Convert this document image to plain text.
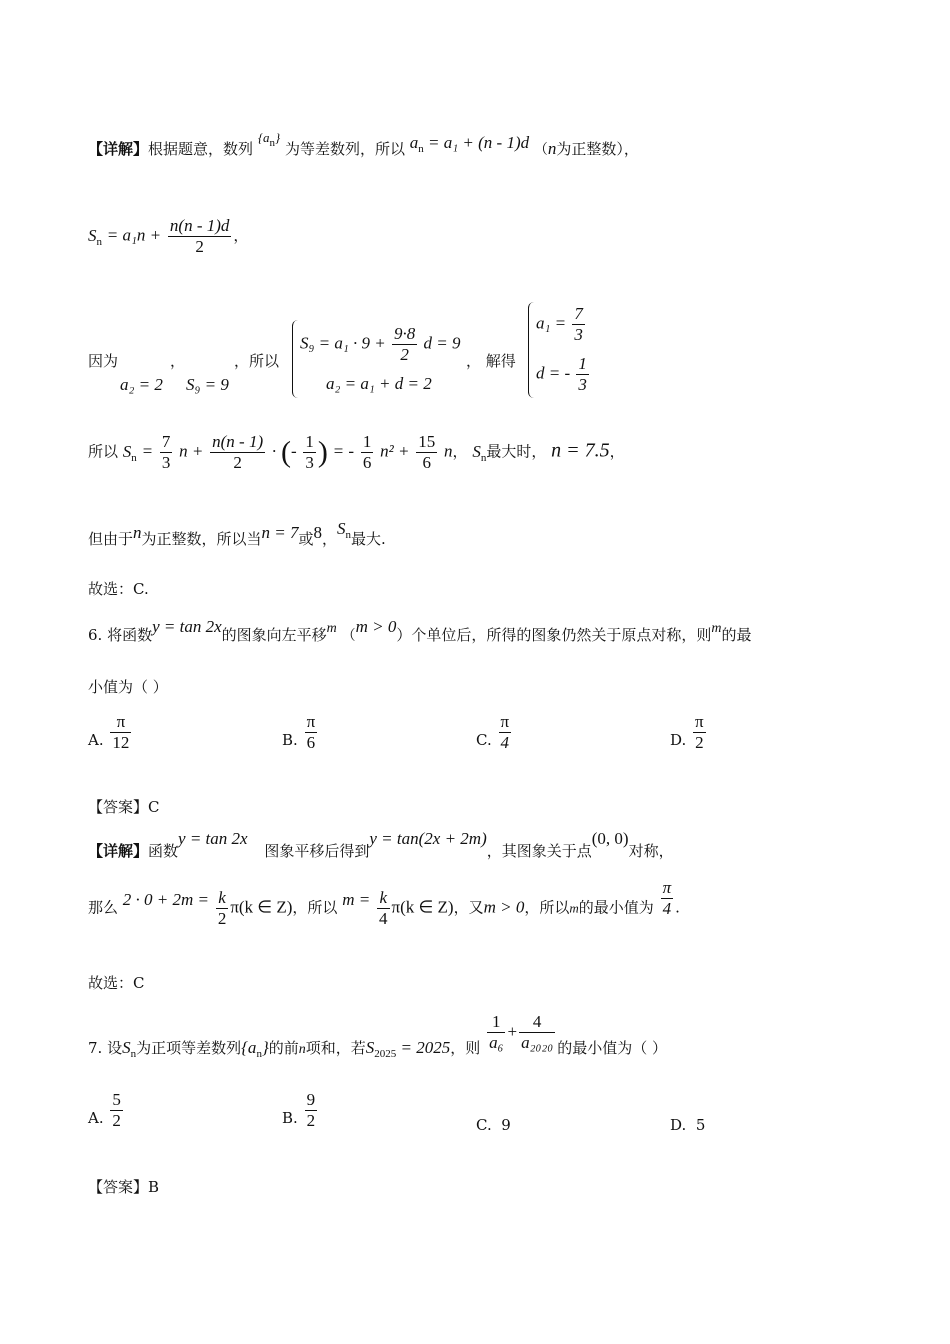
【详解】根据题意，数列 $\{a_n\}$ 为等差数列，所以 $a_n = a_1 + (n - 1)d$ （n为正整数），
$S_n = a_1n + \frac{n(n - 1)d}{2}$ ，
因为	，	，所以
a₂ = 2 S₉ = 9
$S_9 = a_1 \cdot 9 + \frac{9\cdot 8}{2}$ d = 9
a₂ = a₁ + d = 2
， 解得
$a_1 = \frac{7}{3}$
d = - $\frac{1}{3}$
所以 $S_n = \frac{7}{3}$ $n + \frac{n(n - 1)}{2}$ · (- $\frac{1}{3}$ ) = - $\frac{1}{6} n^2 + \frac{15}{6}$ n， $S_n$最大时， n = 7.5，
但由于n为正整数，所以当n = 7或8，$S_n$最大.
故选：C.
6. 将函数y = tan 2x的图象向左平移m （m > 0）个单位后，所得的图象仍然关于原点对称，则m的最
小值为（ ）
A. $\frac{\pi}{12}$	B. $\frac{\pi}{6}$	C. $\frac{\pi}{4}$	D. $\frac{\pi}{2}$
【答案】C
【详解】函数y = tan 2x 图象平移后得到y = tan(2x + 2m)，其图象关于点(0, 0)对称，
那么 $2 \cdot 0 + 2m = \frac{k}{2} \pi(k$ ∈ Z)，所以 $m = \frac{k}{4} \pi(k$ ∈ Z)，又m > 0，所以m的最小值为 $\frac{\pi}{4}$ .
故选：C
7. 设$S_n$为正项等差数列$\{a_n\}$的前n项和，若$S_{2025} = 2025$，则 $\frac{1}{\text{a₆}} + \frac{4}{\text{a₂₀₂₀}}$ 的最小值为（ ）
A. $\frac{5}{2}$	B. $\frac{9}{2}$	C. 9	D. 5
【答案】B
